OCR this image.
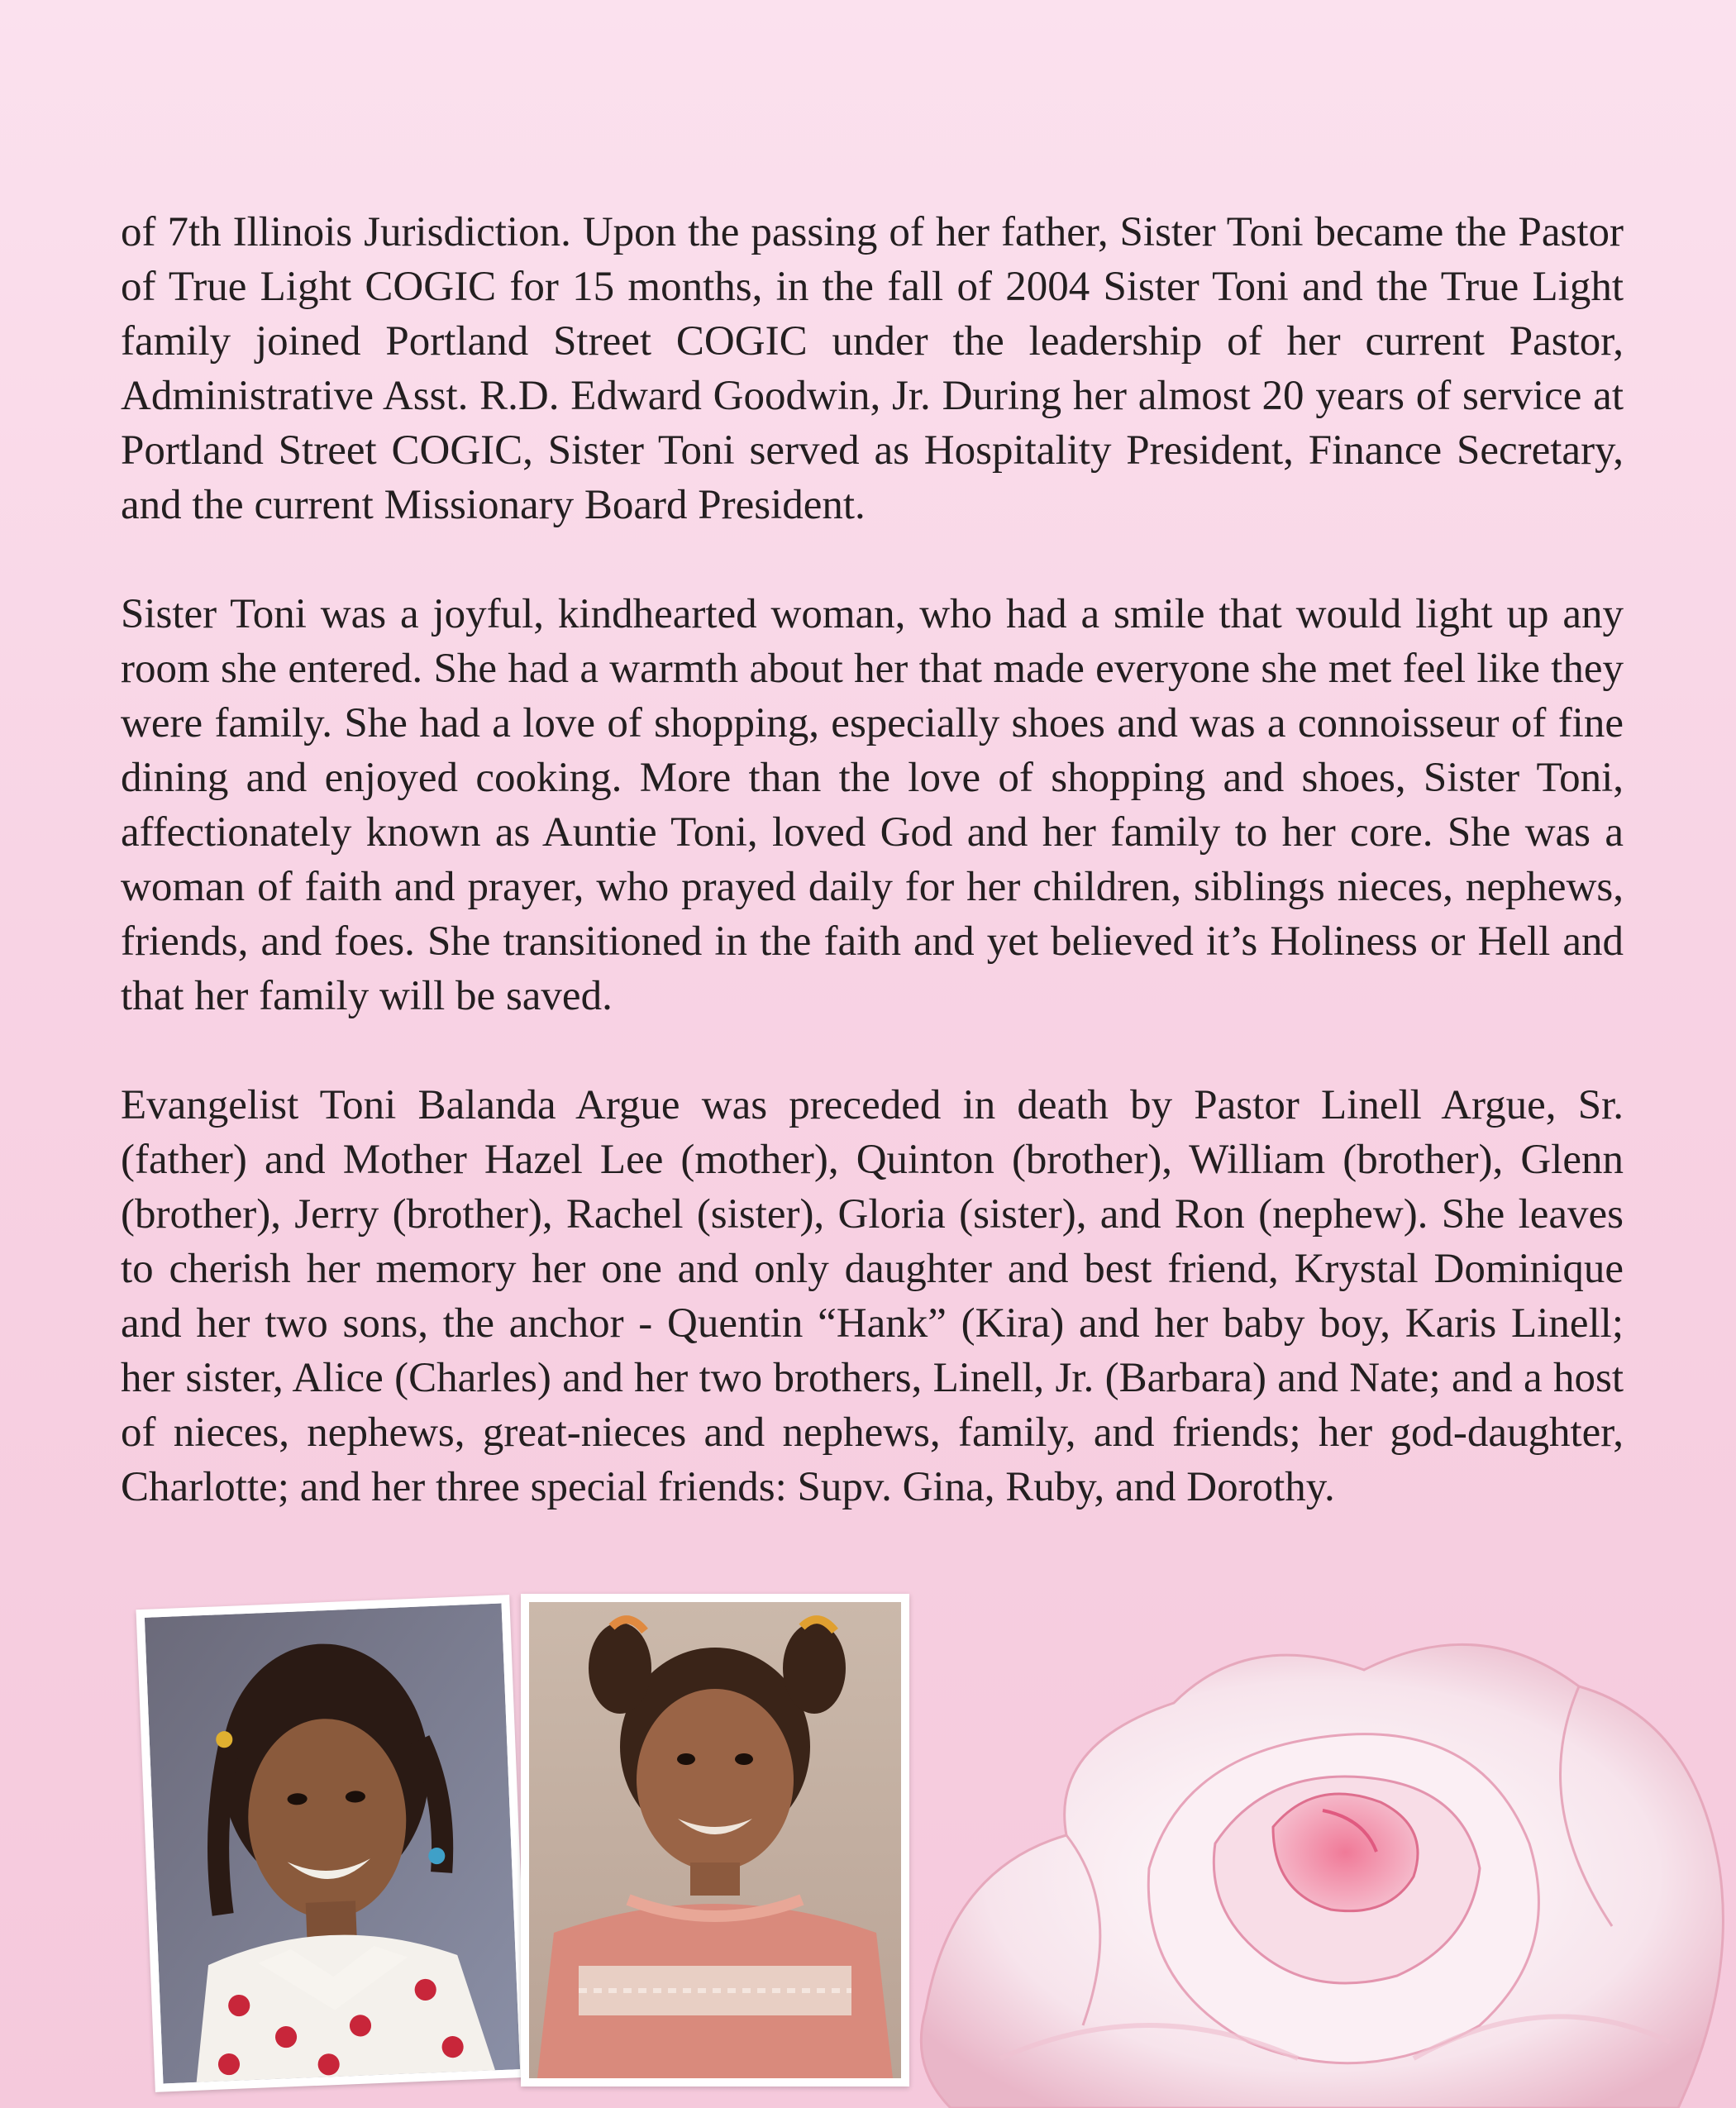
of 7th Illinois Jurisdiction. Upon the passing of her father, Sister Toni became the Pastor of True Light COGIC for 15 months, in the fall of 2004 Sister Toni and the True Light family joined Portland Street COGIC under the leadership of her current Pastor, Administrative Asst. R.D. Edward Goodwin, Jr. During her almost 20 years of service at Portland Street COGIC, Sister Toni served as Hospitality President, Finance Secretary, and the current Missionary Board President.

Sister Toni was a joyful, kindhearted woman, who had a smile that would light up any room she entered. She had a warmth about her that made everyone she met feel like they were family. She had a love of shopping, especially shoes and was a connoisseur of fine dining and enjoyed cooking. More than the love of shopping and shoes, Sister Toni, affectionately known as Auntie Toni, loved God and her family to her core. She was a woman of faith and prayer, who prayed daily for her children, siblings nieces, nephews, friends, and foes. She transitioned in the faith and yet believed it’s Holiness or Hell and that her family will be saved.

Evangelist Toni Balanda Argue was preceded in death by Pastor Linell Argue, Sr. (father) and Mother Hazel Lee (mother), Quinton (brother), William (brother), Glenn (brother), Jerry (brother), Rachel (sister), Gloria (sister), and Ron (nephew). She leaves to cherish her memory her one and only daughter and best friend, Krystal Dominique and her two sons, the anchor - Quentin “Hank” (Kira) and her baby boy, Karis Linell; her sister, Alice (Charles) and her two brothers, Linell, Jr. (Barbara) and Nate; and a host of nieces, nephews, great-nieces and nephews, family, and friends; her god-daughter, Charlotte; and her three special friends: Supv. Gina, Ruby, and Dorothy.
